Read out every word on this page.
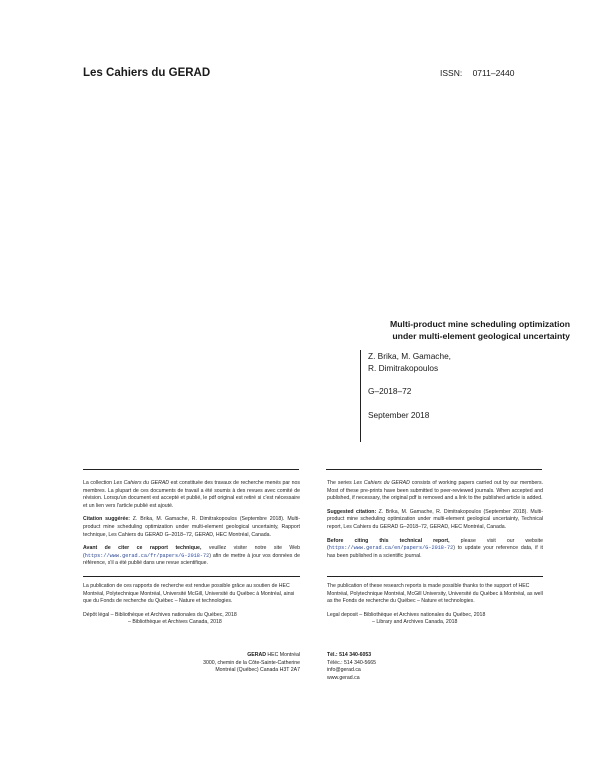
Les Cahiers du GERAD	ISSN: 0711–2440
Multi-product mine scheduling optimization
under multi-element geological uncertainty
Z. Brika, M. Gamache,
R. Dimitrakopoulos
G–2018–72
September 2018

La collection Les Cahiers du GERAD est constituée des travaux de recherche menés par nos membres. La plupart de ces documents de travail a été soumis à des revues avec comité de révision. Lorsqu'un document est accepté et publié, le pdf original est retiré si c'est nécessaire et un lien vers l'article publié est ajouté.

Citation suggérée: Z. Brika, M. Gamache, R. Dimitrakopoulos (Septembre 2018). Multi-product mine scheduling optimization under multi-element geological uncertainty, Rapport technique, Les Cahiers du GERAD G–2018–72, GERAD, HEC Montréal, Canada.

Avant de citer ce rapport technique, veuillez visiter notre site Web (https://www.gerad.ca/fr/papers/G-2018-72) afin de mettre à jour vos données de référence, s'il a été publié dans une revue scientifique.

The series Les Cahiers du GERAD consists of working papers carried out by our members. Most of these pre-prints have been submitted to peer-reviewed journals. When accepted and published, if necessary, the original pdf is removed and a link to the published article is added.

Suggested citation: Z. Brika, M. Gamache, R. Dimitrakopoulos (September 2018). Multi-product mine scheduling optimization under multi-element geological uncertainty, Technical report, Les Cahiers du GERAD G–2018–72, GERAD, HEC Montréal, Canada.

Before citing this technical report, please visit our website (https://www.gerad.ca/en/papers/G-2018-72) to update your reference data, if it has been published in a scientific journal.

La publication de ces rapports de recherche est rendue possible grâce au soutien de HEC Montréal, Polytechnique Montréal, Université McGill, Université du Québec à Montréal, ainsi que du Fonds de recherche du Québec – Nature et technologies.
Dépôt légal – Bibliothèque et Archives nationales du Québec, 2018
– Bibliothèque et Archives Canada, 2018
The publication of these research reports is made possible thanks to the support of HEC Montréal, Polytechnique Montréal, McGill University, Université du Québec à Montréal, as well as the Fonds de recherche du Québec – Nature et technologies.
Legal deposit – Bibliothèque et Archives nationales du Québec, 2018
– Library and Archives Canada, 2018
GERAD HEC Montréal
3000, chemin de la Côte-Sainte-Catherine
Montréal (Québec) Canada H3T 2A7
Tél.: 514 340-6053
Téléc.: 514 340-5665
info@gerad.ca
www.gerad.ca
